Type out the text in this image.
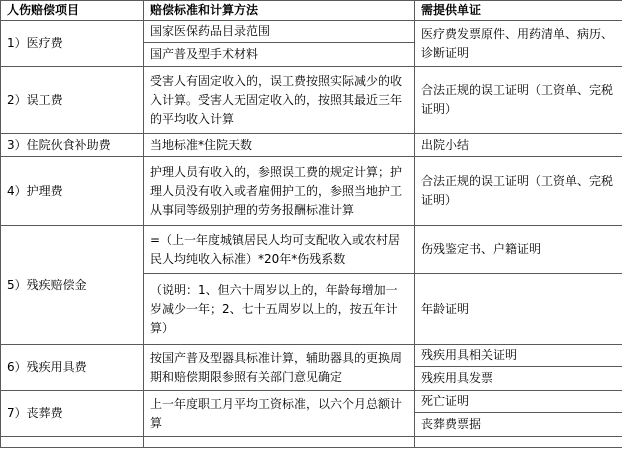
人伤赔偿项目	赔偿标准和计算方法	需提供单证
1）医疗费	国家医保药品目录范围	医疗费发票原件、用药清单、病历、诊断证明
	国产普及型手术材料	
2）误工费	受害人有固定收入的，误工费按照实际减少的收入计算。受害人无固定收入的，按照其最近三年的平均收入计算	合法正规的误工证明（工资单、完税证明）
3）住院伙食补助费	当地标准*住院天数	出院小结
4）护理费	护理人员有收入的，参照误工费的规定计算；护理人员没有收入或者雇佣护工的，参照当地护工从事同等级别护理的劳务报酬标准计算	合法正规的误工证明（工资单、完税证明）
5）残疾赔偿金	=（上一年度城镇居民人均可支配收入或农村居民人均纯收入标准）*20年*伤残系数	伤残鉴定书、户籍证明
	（说明：1、但六十周岁以上的，年龄每增加一岁减少一年；2、七十五周岁以上的，按五年计算）	年龄证明
6）残疾用具费	按国产普及型器具标准计算，辅助器具的更换周期和赔偿期限参照有关部门意见确定	残疾用具相关证明
		残疾用具发票
7）丧葬费	上一年度职工月平均工资标准，以六个月总额计算	死亡证明
		丧葬费票据
